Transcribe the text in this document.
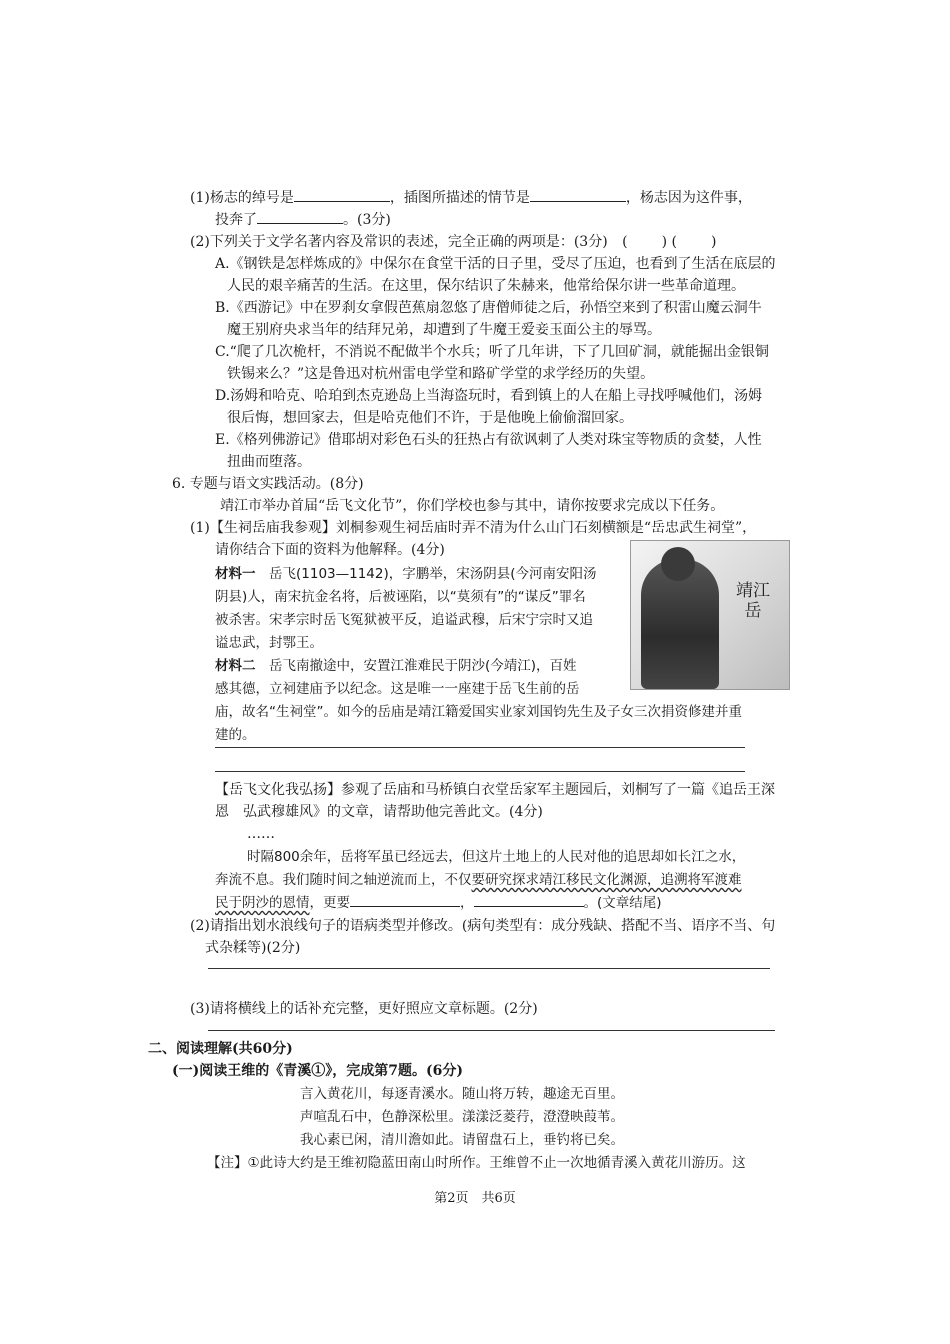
(1)杨志的绰号是	，插图所描述的情节是	，杨志因为这件事，
投奔了	。(3分)
(2)下列关于文学名著内容及常识的表述，完全正确的两项是：(3分) ( ) ( )
A.《钢铁是怎样炼成的》中保尔在食堂干活的日子里，受尽了压迫，也看到了生活在底层的
人民的艰辛痛苦的生活。在这里，保尔结识了朱赫来，他常给保尔讲一些革命道理。
B.《西游记》中在罗刹女拿假芭蕉扇忽悠了唐僧师徒之后，孙悟空来到了积雷山魔云洞牛
魔王别府央求当年的结拜兄弟，却遭到了牛魔王爱妾玉面公主的辱骂。
C.“爬了几次桅杆，不消说不配做半个水兵；听了几年讲，下了几回矿洞，就能掘出金银铜
铁锡来么？”这是鲁迅对杭州雷电学堂和路矿学堂的求学经历的失望。
D.汤姆和哈克、哈珀到杰克逊岛上当海盗玩时，看到镇上的人在船上寻找呼喊他们，汤姆
很后悔，想回家去，但是哈克他们不许，于是他晚上偷偷溜回家。
E.《格列佛游记》借耶胡对彩色石头的狂热占有欲讽刺了人类对珠宝等物质的贪婪，人性
扭曲而堕落。
6. 专题与语文实践活动。(8分)
靖江市举办首届“岳飞文化节”，你们学校也参与其中，请你按要求完成以下任务。
(1)【生祠岳庙我参观】刘桐参观生祠岳庙时弄不清为什么山门石刻横额是“岳忠武生祠堂”，
请你结合下面的资料为他解释。(4分)
材料一　岳飞(1103—1142)，字鹏举，宋汤阴县(今河南安阳汤
阴县)人，南宋抗金名将，后被诬陷，以“莫须有”的“谋反”罪名
被杀害。宋孝宗时岳飞冤狱被平反，追谥武穆，后宋宁宗时又追
谥忠武，封鄂王。
材料二　岳飞南撤途中，安置江淮难民于阴沙(今靖江)，百姓
感其德，立祠建庙予以纪念。这是唯一一座建于岳飞生前的岳
庙，故名“生祠堂”。如今的岳庙是靖江籍爱国实业家刘国钧先生及子女三次捐资修建并重
建的。
靖江岳
【岳飞文化我弘扬】参观了岳庙和马桥镇白衣堂岳家军主题园后，刘桐写了一篇《追岳王深
恩　弘武穆雄风》的文章，请帮助他完善此文。(4分)
……
时隔800余年，岳将军虽已经远去，但这片土地上的人民对他的追思却如长江之水，
奔流不息。我们随时间之轴逆流而上，不仅要研究探求靖江移民文化渊源，追溯将军渡难
民于阴沙的恩情，更要	，	。(文章结尾)
(2)请指出划水浪线句子的语病类型并修改。(病句类型有：成分残缺、搭配不当、语序不当、句
式杂糅等)(2分)
(3)请将横线上的话补充完整，更好照应文章标题。(2分)
二、阅读理解(共60分)
(一)阅读王维的《青溪①》，完成第7题。(6分)
言入黄花川，每逐青溪水。随山将万转，趣途无百里。
声喧乱石中，色静深松里。漾漾泛菱荇，澄澄映葭苇。
我心素已闲，清川澹如此。请留盘石上，垂钓将已矣。
【注】①此诗大约是王维初隐蓝田南山时所作。王维曾不止一次地循青溪入黄花川游历。这
第2页　共6页
